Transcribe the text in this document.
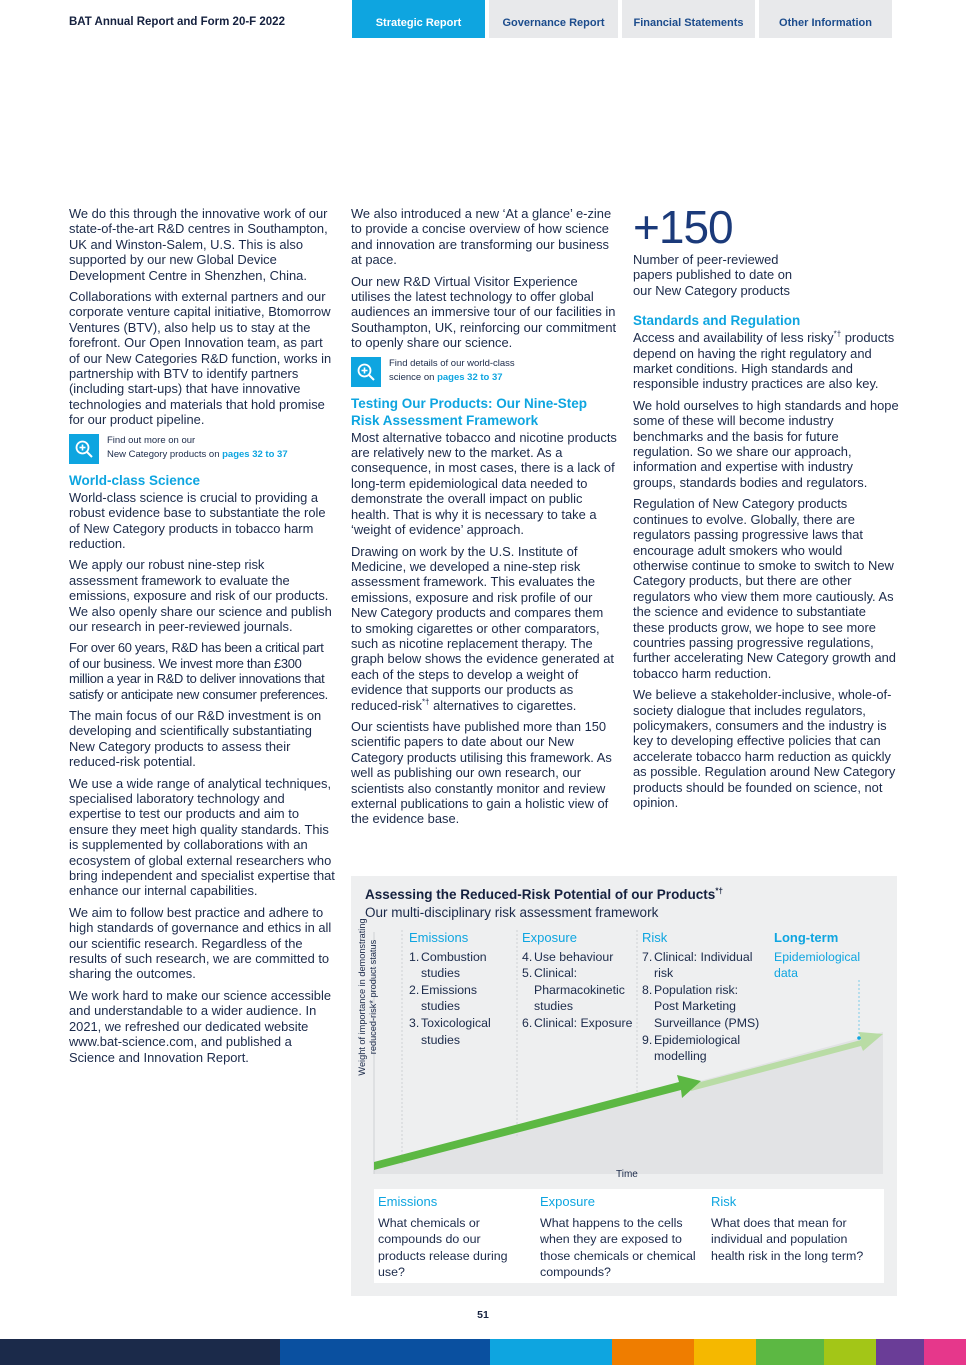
BAT Annual Report and Form 20-F 2022	Strategic Report	Governance Report	Financial Statements	Other Information

We do this through the innovative work of our state-of-the-art R&D centres in Southampton, UK and Winston-Salem, U.S. This is also supported by our new Global Device Development Centre in Shenzhen, China.

Collaborations with external partners and our corporate venture capital initiative, Btomorrow Ventures (BTV), also help us to stay at the forefront. Our Open Innovation team, as part of our New Categories R&D function, works in partnership with BTV to identify partners (including start-ups) that have innovative technologies and materials that hold promise for our product pipeline.

Find out more on our
New Category products on pages 32 to 37
World-class Science

World-class science is crucial to providing a robust evidence base to substantiate the role of New Category products in tobacco harm reduction.

We apply our robust nine-step risk assessment framework to evaluate the emissions, exposure and risk of our products. We also openly share our science and publish our research in peer-reviewed journals.

For over 60 years, R&D has been a critical part of our business. We invest more than £300 million a year in R&D to deliver innovations that satisfy or anticipate new consumer preferences.

The main focus of our R&D investment is on developing and scientifically substantiating New Category products to assess their reduced-risk potential.

We use a wide range of analytical techniques, specialised laboratory technology and expertise to test our products and aim to ensure they meet high quality standards. This is supplemented by collaborations with an ecosystem of global external researchers who bring independent and specialist expertise that enhance our internal capabilities.

We aim to follow best practice and adhere to high standards of governance and ethics in all our scientific research. Regardless of the results of such research, we are committed to sharing the outcomes.

We work hard to make our science accessible and understandable to a wider audience. In 2021, we refreshed our dedicated website www.bat-science.com, and published a Science and Innovation Report.

We also introduced a new ‘At a glance’ e-zine to provide a concise overview of how science and innovation are transforming our business at pace.

Our new R&D Virtual Visitor Experience utilises the latest technology to offer global audiences an immersive tour of our facilities in Southampton, UK, reinforcing our commitment to openly share our science.

Find details of our world-class
science on pages 32 to 37
Testing Our Products: Our Nine-Step Risk Assessment Framework

Most alternative tobacco and nicotine products are relatively new to the market. As a consequence, in most cases, there is a lack of long-term epidemiological data needed to demonstrate the overall impact on public health. That is why it is necessary to take a ‘weight of evidence’ approach.

Drawing on work by the U.S. Institute of Medicine, we developed a nine-step risk assessment framework. This evaluates the emissions, exposure and risk profile of our New Category products and compares them to smoking cigarettes or other comparators, such as nicotine replacement therapy. The graph below shows the evidence generated at each of the steps to develop a weight of evidence that supports our products as reduced-risk*† alternatives to cigarettes.

Our scientists have published more than 150 scientific papers to date about our New Category products utilising this framework. As well as publishing our own research, our scientists also constantly monitor and review external publications to gain a holistic view of the evidence base.

+150

Number of peer-reviewed papers published to date on our New Category products

Standards and Regulation

Access and availability of less risky*† products depend on having the right regulatory and market conditions. High standards and responsible industry practices are also key.

We hold ourselves to high standards and hope some of these will become industry benchmarks and the basis for future regulation. So we share our approach, information and expertise with industry groups, standards bodies and regulators.

Regulation of New Category products continues to evolve. Globally, there are regulators passing progressive laws that encourage adult smokers who would otherwise continue to smoke to switch to New Category products, but there are other regulators who view them more cautiously. As the science and evidence to substantiate these products grow, we hope to see more countries passing progressive regulations, further accelerating New Category growth and tobacco harm reduction.

We believe a stakeholder-inclusive, whole-of-society dialogue that includes regulators, policymakers, consumers and the industry is key to developing effective policies that can accelerate tobacco harm reduction as quickly as possible. Regulation around New Category products should be founded on science, not opinion.

Assessing the Reduced-Risk Potential of our Products*†
Our multi-disciplinary risk assessment framework
Weight of importance in demonstrating reduced-risk* product status
Time
Emissions
1. Combustion studies
2. Emissions studies
3. Toxicological studies
Exposure
4. Use behaviour
5. Clinical: Pharmacokinetic studies
6. Clinical: Exposure
Risk
7. Clinical: Individual risk
8. Population risk: Post Marketing Surveillance (PMS)
9. Epidemiological modelling
Long-term
Epidemiological data
Emissions
What chemicals or compounds do our products release during use?
Exposure
What happens to the cells when they are exposed to those chemicals or chemical compounds?
Risk
What does that mean for individual and population health risk in the long term?
51
